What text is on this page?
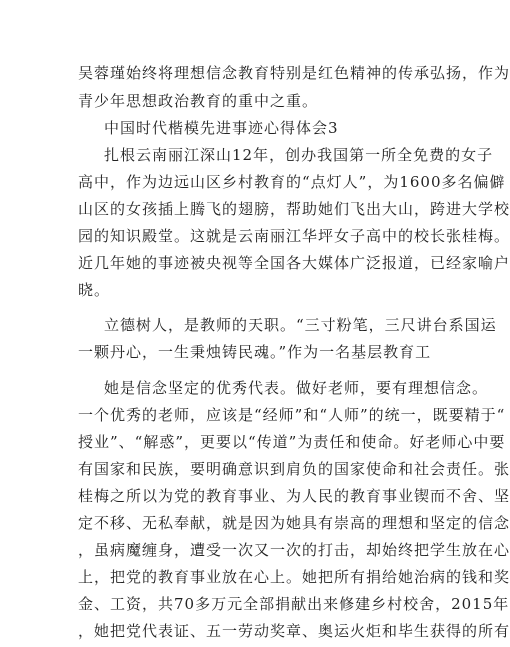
吴蓉瑾始终将理想信念教育特别是红色精神的传承弘扬，作为
青少年思想政治教育的重中之重。
中国时代楷模先进事迹心得体会3
扎根云南丽江深山12年，创办我国第一所全免费的女子
高中，作为边远山区乡村教育的“点灯人”，为1600多名偏僻
山区的女孩插上腾飞的翅膀，帮助她们飞出大山，跨进大学校
园的知识殿堂。这就是云南丽江华坪女子高中的校长张桂梅。
近几年她的事迹被央视等全国各大媒体广泛报道，已经家喻户
晓。
立德树人，是教师的天职。“三寸粉笔，三尺讲台系国运
一颗丹心，一生秉烛铸民魂。”作为一名基层教育工
她是信念坚定的优秀代表。做好老师，要有理想信念。
一个优秀的老师，应该是“经师”和“人师”的统一，既要精于“
授业”、“解惑”，更要以“传道”为责任和使命。好老师心中要
有国家和民族，要明确意识到肩负的国家使命和社会责任。张
桂梅之所以为党的教育事业、为人民的教育事业锲而不舍、坚
定不移、无私奉献，就是因为她具有崇高的理想和坚定的信念
，虽病魔缠身，遭受一次又一次的打击，却始终把学生放在心
上，把党的教育事业放在心上。她把所有捐给她治病的钱和奖
金、工资，共70多万元全部捐献出来修建乡村校舍，2015年
，她把党代表证、五一劳动奖章、奥运火炬和毕生获得的所有
